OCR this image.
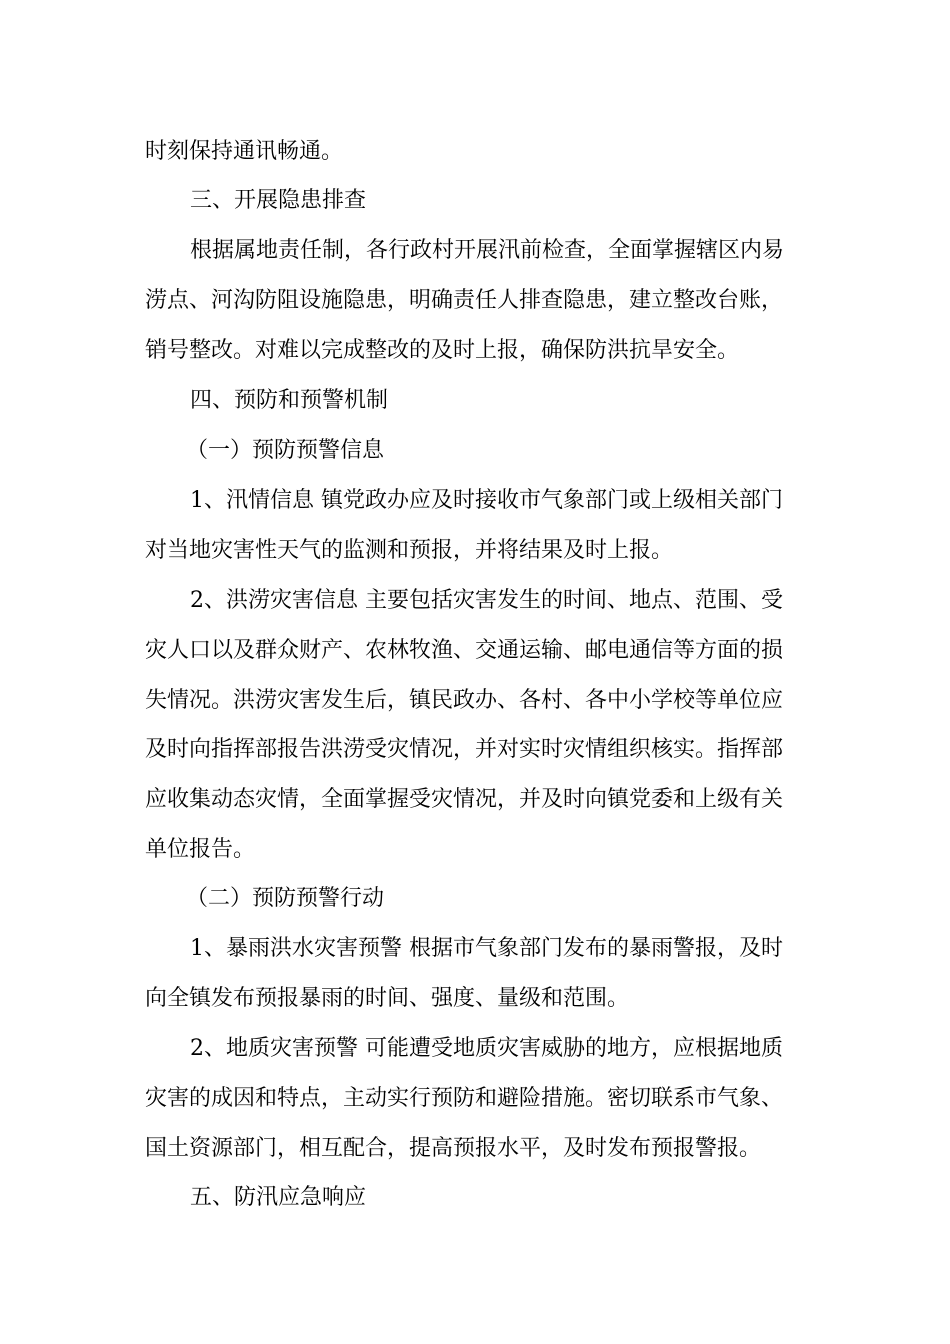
时刻保持通讯畅通。
三、开展隐患排查
根据属地责任制，各行政村开展汛前检查，全面掌握辖区内易
涝点、河沟防阻设施隐患，明确责任人排查隐患，建立整改台账，
销号整改。对难以完成整改的及时上报，确保防洪抗旱安全。
四、预防和预警机制
（一）预防预警信息
1、汛情信息 镇党政办应及时接收市气象部门或上级相关部门
对当地灾害性天气的监测和预报，并将结果及时上报。
2、洪涝灾害信息 主要包括灾害发生的时间、地点、范围、受
灾人口以及群众财产、农林牧渔、交通运输、邮电通信等方面的损
失情况。洪涝灾害发生后，镇民政办、各村、各中小学校等单位应
及时向指挥部报告洪涝受灾情况，并对实时灾情组织核实。指挥部
应收集动态灾情，全面掌握受灾情况，并及时向镇党委和上级有关
单位报告。
（二）预防预警行动
1、暴雨洪水灾害预警 根据市气象部门发布的暴雨警报，及时
向全镇发布预报暴雨的时间、强度、量级和范围。
2、地质灾害预警 可能遭受地质灾害威胁的地方，应根据地质
灾害的成因和特点，主动实行预防和避险措施。密切联系市气象、
国土资源部门，相互配合，提高预报水平，及时发布预报警报。
五、防汛应急响应
